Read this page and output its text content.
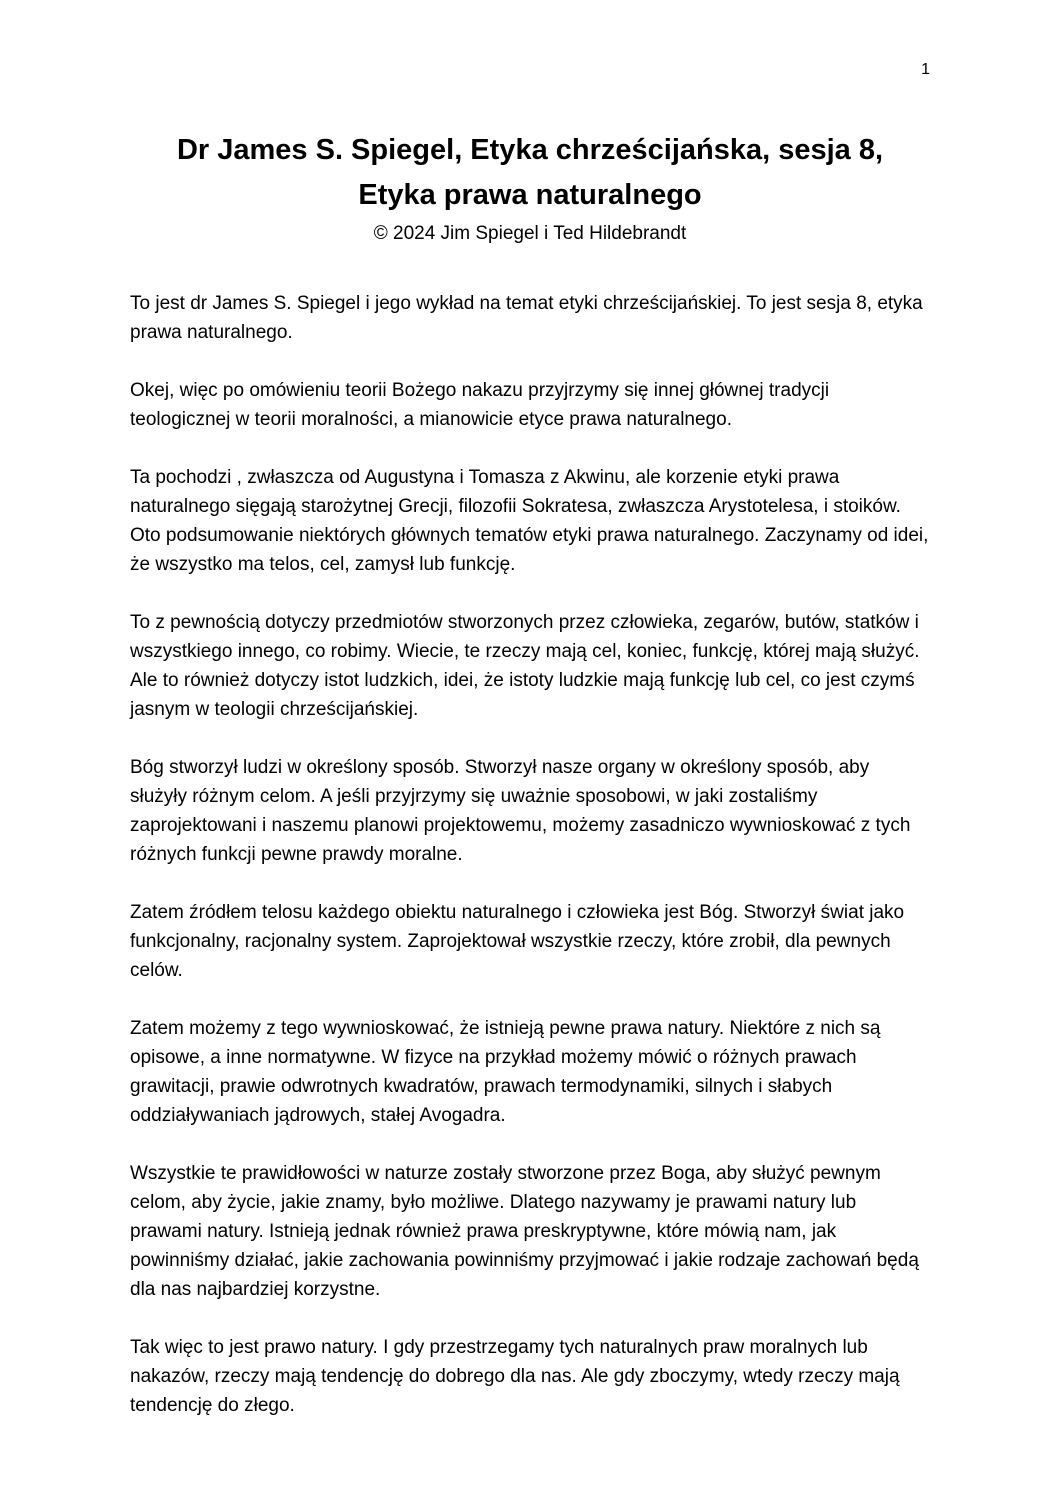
1
Dr James S. Spiegel, Etyka chrześcijańska, sesja 8,
Etyka prawa naturalnego
© 2024 Jim Spiegel i Ted Hildebrandt

To jest dr James S. Spiegel i jego wykład na temat etyki chrześcijańskiej. To jest sesja 8, etyka prawa naturalnego.

Okej, więc po omówieniu teorii Bożego nakazu przyjrzymy się innej głównej tradycji teologicznej w teorii moralności, a mianowicie etyce prawa naturalnego.

Ta pochodzi , zwłaszcza od Augustyna i Tomasza z Akwinu, ale korzenie etyki prawa naturalnego sięgają starożytnej Grecji, filozofii Sokratesa, zwłaszcza Arystotelesa, i stoików. Oto podsumowanie niektórych głównych tematów etyki prawa naturalnego. Zaczynamy od idei, że wszystko ma telos, cel, zamysł lub funkcję.

To z pewnością dotyczy przedmiotów stworzonych przez człowieka, zegarów, butów, statków i wszystkiego innego, co robimy. Wiecie, te rzeczy mają cel, koniec, funkcję, której mają służyć. Ale to również dotyczy istot ludzkich, idei, że istoty ludzkie mają funkcję lub cel, co jest czymś jasnym w teologii chrześcijańskiej.

Bóg stworzył ludzi w określony sposób. Stworzył nasze organy w określony sposób, aby służyły różnym celom. A jeśli przyjrzymy się uważnie sposobowi, w jaki zostaliśmy zaprojektowani i naszemu planowi projektowemu, możemy zasadniczo wywnioskować z tych różnych funkcji pewne prawdy moralne.

Zatem źródłem telosu każdego obiektu naturalnego i człowieka jest Bóg. Stworzył świat jako funkcjonalny, racjonalny system. Zaprojektował wszystkie rzeczy, które zrobił, dla pewnych celów.

Zatem możemy z tego wywnioskować, że istnieją pewne prawa natury. Niektóre z nich są opisowe, a inne normatywne. W fizyce na przykład możemy mówić o różnych prawach grawitacji, prawie odwrotnych kwadratów, prawach termodynamiki, silnych i słabych oddziaływaniach jądrowych, stałej Avogadra.

Wszystkie te prawidłowości w naturze zostały stworzone przez Boga, aby służyć pewnym celom, aby życie, jakie znamy, było możliwe. Dlatego nazywamy je prawami natury lub prawami natury. Istnieją jednak również prawa preskryptywne, które mówią nam, jak powinniśmy działać, jakie zachowania powinniśmy przyjmować i jakie rodzaje zachowań będą dla nas najbardziej korzystne.

Tak więc to jest prawo natury. I gdy przestrzegamy tych naturalnych praw moralnych lub nakazów, rzeczy mają tendencję do dobrego dla nas. Ale gdy zboczymy, wtedy rzeczy mają tendencję do złego.
